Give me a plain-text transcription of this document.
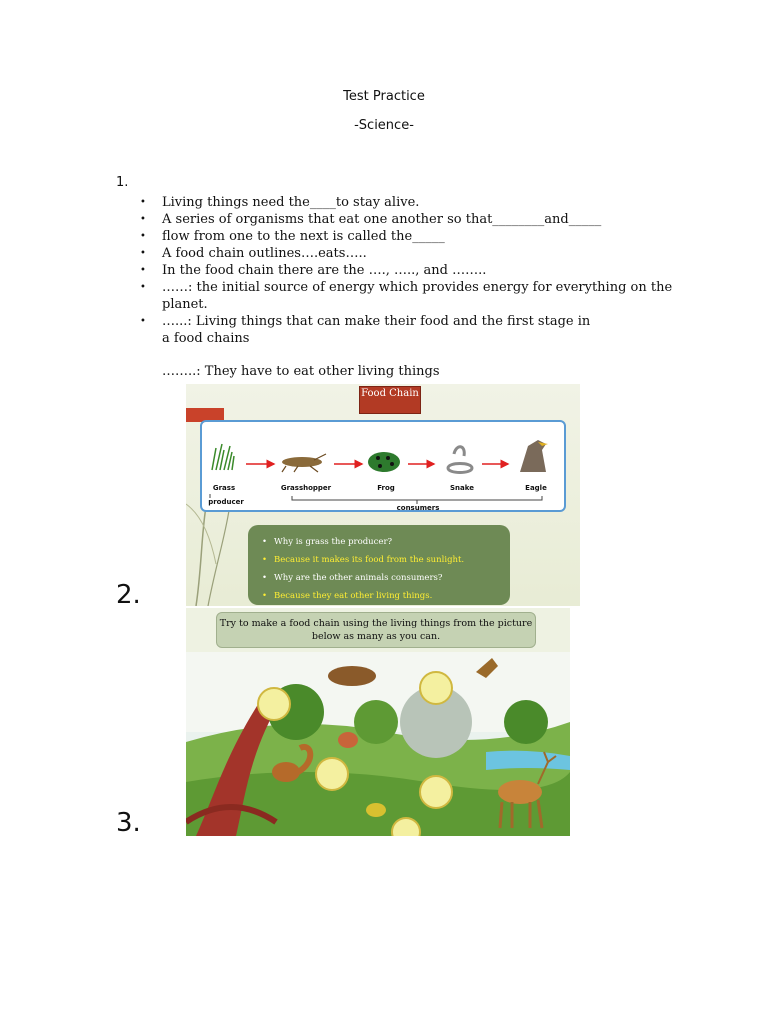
Test Practice
-Science-
1.
• Living things need the____to stay alive.
• A series of organisms that eat one another so that________and_____
• flow from one to the next is called the_____
• A food chain outlines….eats…..
• In the food chain there are the …., ….., and ……..
• ……: the initial source of energy which provides energy for everything on the planet.
• …...: Living things that can make their food and the first stage in a food chains
……..: They have to eat other living things
2.
Food Chain
Grass	Grasshopper	Frog	Snake	Eagle
producer
consumers
• Why is grass the producer?
• Because it makes its food from the sunlight.
• Why are the other animals consumers?
• Because they eat other living things.
3.
Try to make a food chain using the living things from the picture below as many as you can.
